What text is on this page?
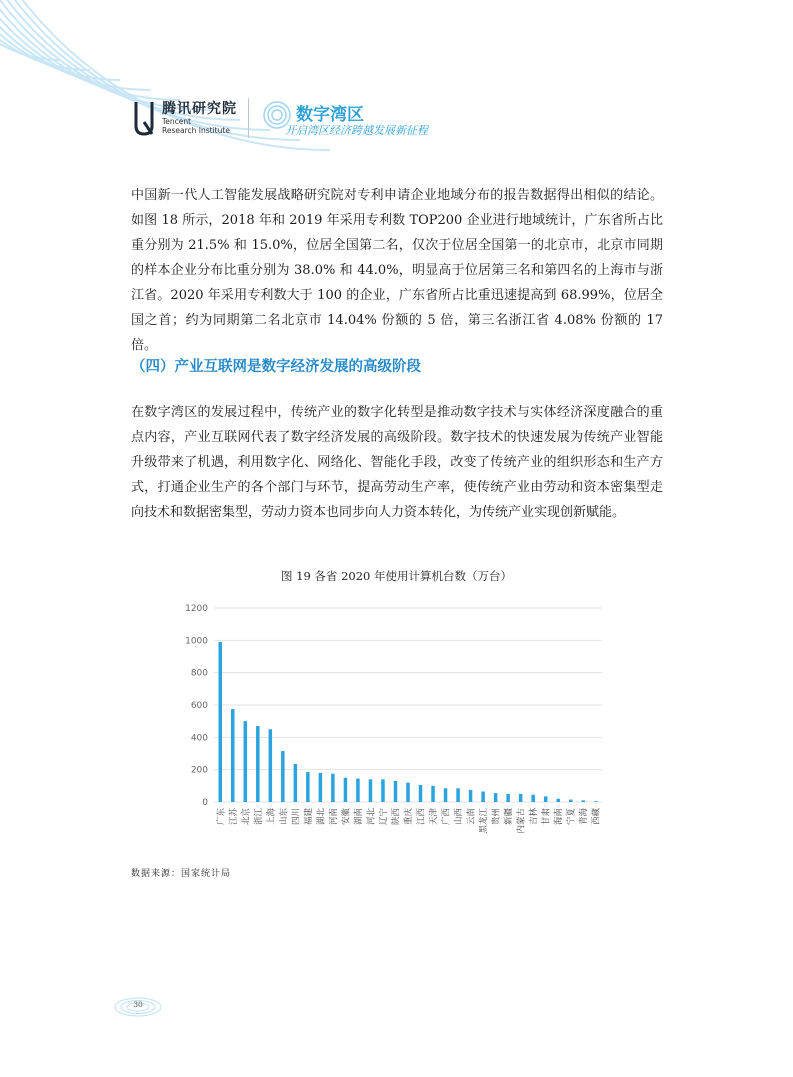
腾讯研究院
Tencent
Research Institute
数字湾区
开启湾区经济跨越发展新征程

中国新一代人工智能发展战略研究院对专利申请企业地域分布的报告数据得出相似的结论。如图 18 所示，2018 年和 2019 年采用专利数 TOP200 企业进行地域统计，广东省所占比重分别为 21.5% 和 15.0%，位居全国第二名，仅次于位居全国第一的北京市，北京市同期的样本企业分布比重分别为 38.0% 和 44.0%，明显高于位居第三名和第四名的上海市与浙江省。2020 年采用专利数大于 100 的企业，广东省所占比重迅速提高到 68.99%，位居全国之首；约为同期第二名北京市 14.04% 份额的 5 倍，第三名浙江省 4.08% 份额的 17 倍。

（四）产业互联网是数字经济发展的高级阶段

在数字湾区的发展过程中，传统产业的数字化转型是推动数字技术与实体经济深度融合的重点内容，产业互联网代表了数字经济发展的高级阶段。数字技术的快速发展为传统产业智能升级带来了机遇，利用数字化、网络化、智能化手段，改变了传统产业的组织形态和生产方式，打通企业生产的各个部门与环节，提高劳动生产率，使传统产业由劳动和资本密集型走向技术和数据密集型，劳动力资本也同步向人力资本转化，为传统产业实现创新赋能。

图 19 各省 2020 年使用计算机台数（万台）
0
200
400
600
800
1000
1200
广东 江苏 北京 浙江 上海 山东 四川 福建 湖北 河南 安徽 湖南 河北 辽宁 陕西 重庆 江西 天津 广西 山西 云南 黑龙江 贵州 新疆 内蒙古 吉林 甘肃 海南 宁夏 青海 西藏
数据来源：国家统计局
30
